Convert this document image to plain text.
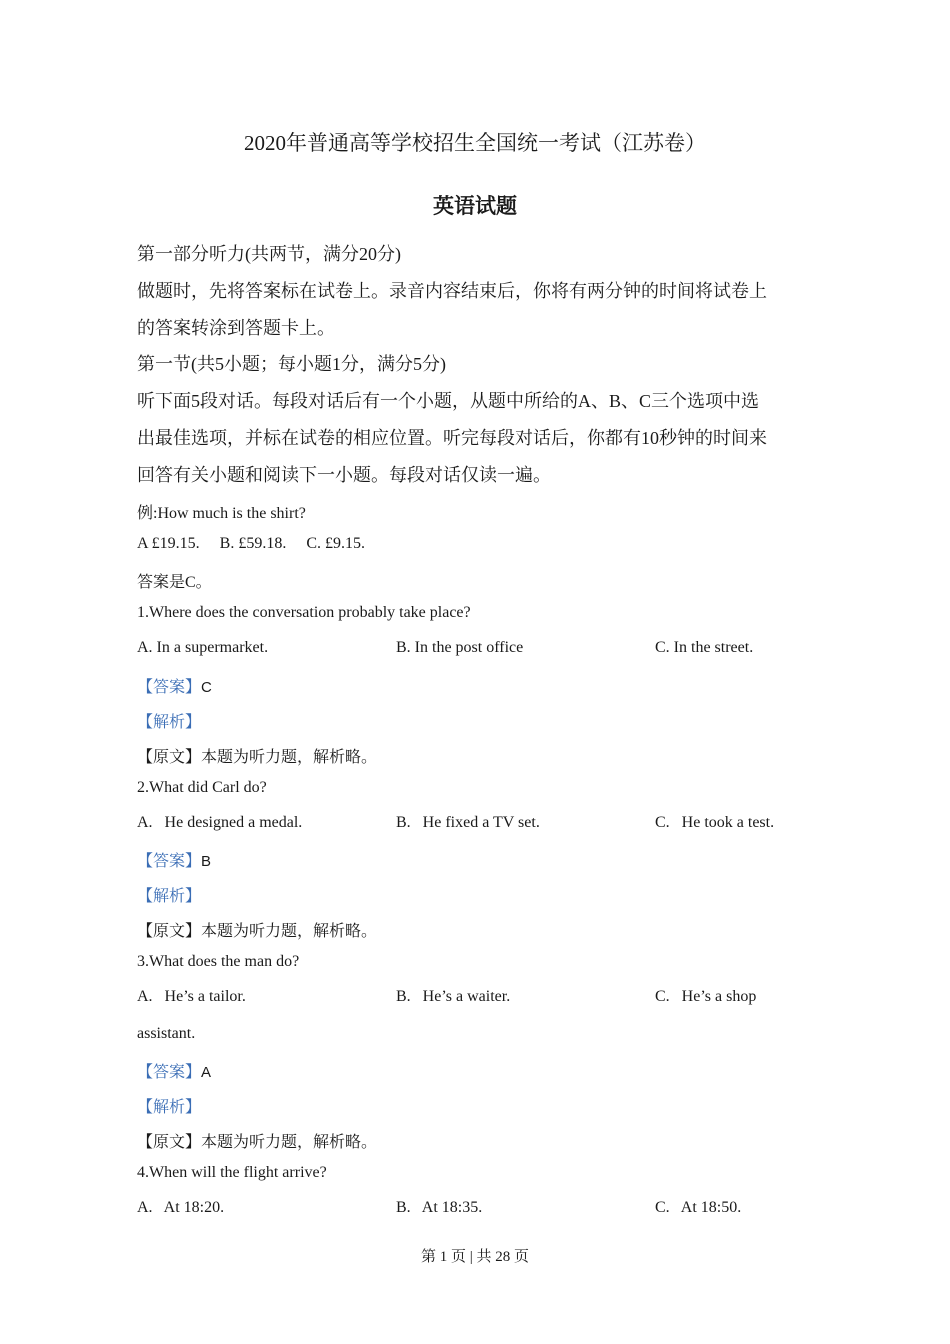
2020年普通高等学校招生全国统一考试（江苏卷）
英语试题
第一部分听力(共两节，满分20分)
做题时，先将答案标在试卷上。录音内容结束后，你将有两分钟的时间将试卷上
的答案转涂到答题卡上。
第一节(共5小题；每小题1分，满分5分)
听下面5段对话。每段对话后有一个小题，从题中所给的A、B、C三个选项中选
出最佳选项，并标在试卷的相应位置。听完每段对话后，你都有10秒钟的时间来
回答有关小题和阅读下一小题。每段对话仅读一遍。
例:How much is the shirt?
A £19.15.     B. £59.18.     C. £9.15.
答案是C。
1.Where does the conversation probably take place?
A. In a supermarket.	B. In the post office	C. In the street.
【答案】C
【解析】
【原文】本题为听力题，解析略。
2.What did Carl do?
A.   He designed a medal.	B.   He fixed a TV set.	C.   He took a test.
【答案】B
【解析】
【原文】本题为听力题，解析略。
3.What does the man do?
A.   He’s a tailor.	B.   He’s a waiter.	C.   He’s a shop
assistant.
【答案】A
【解析】
【原文】本题为听力题，解析略。
4.When will the flight arrive?
A.   At 18:20.	B.   At 18:35.	C.   At 18:50.
第 1 页 | 共 28 页
